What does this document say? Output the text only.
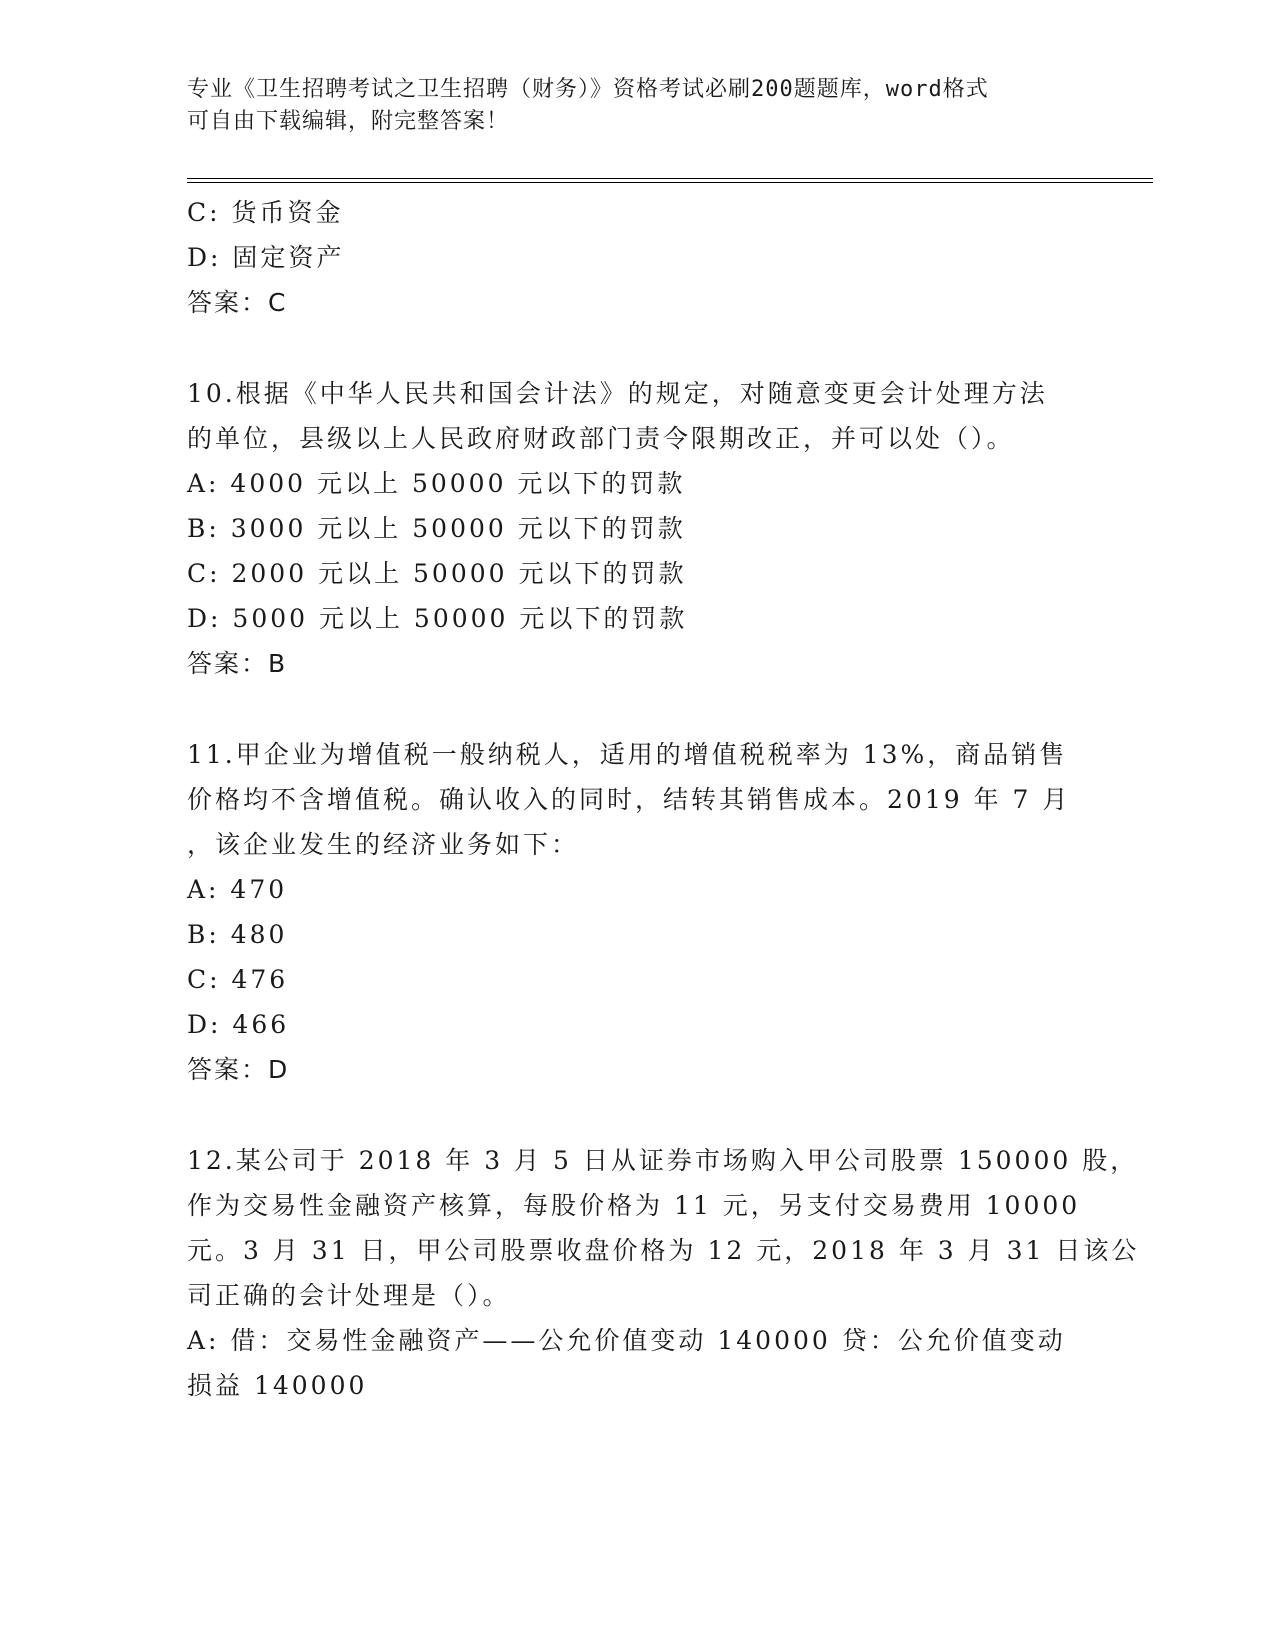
专业《卫生招聘考试之卫生招聘（财务）》资格考试必刷200题题库，word格式
可自由下载编辑，附完整答案！
C: 货币资金
D: 固定资产
答案：C
10.根据《中华人民共和国会计法》的规定，对随意变更会计处理方法
的单位，县级以上人民政府财政部门责令限期改正，并可以处（）。
A: 4000 元以上 50000 元以下的罚款
B: 3000 元以上 50000 元以下的罚款
C: 2000 元以上 50000 元以下的罚款
D: 5000 元以上 50000 元以下的罚款
答案：B
11.甲企业为增值税一般纳税人，适用的增值税税率为 13%，商品销售
价格均不含增值税。确认收入的同时，结转其销售成本。2019 年 7 月
，该企业发生的经济业务如下：
A: 470
B: 480
C: 476
D: 466
答案：D
12.某公司于 2018 年 3 月 5 日从证券市场购入甲公司股票 150000 股，
作为交易性金融资产核算，每股价格为 11 元，另支付交易费用 10000
元。3 月 31 日，甲公司股票收盘价格为 12 元，2018 年 3 月 31 日该公
司正确的会计处理是（）。
A: 借：交易性金融资产——公允价值变动 140000 贷：公允价值变动
损益 140000
